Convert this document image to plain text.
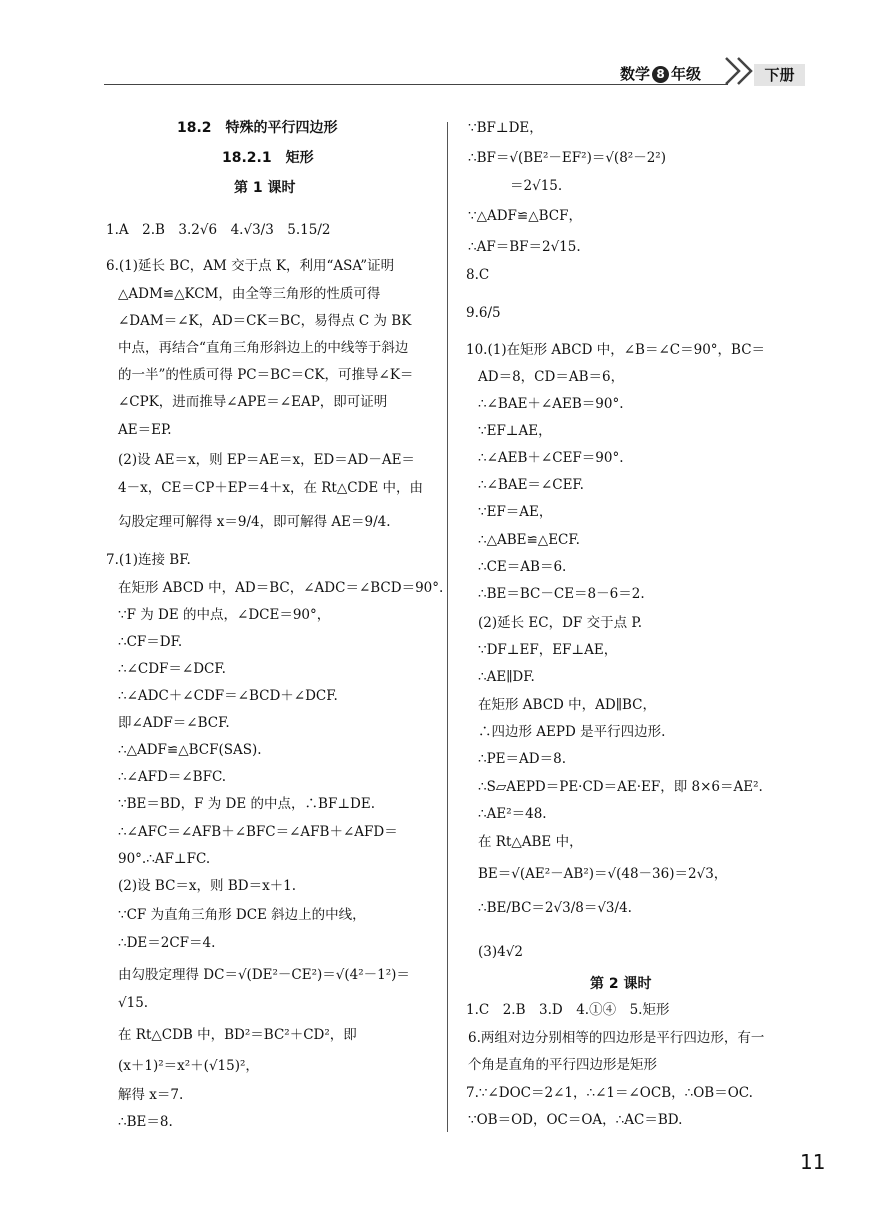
数学 8 年级	下册
18.2　特殊的平行四边形
18.2.1　矩形
第 1 课时
1.A　2.B　3.2√6　4.√3/3　5.15/2
6.(1)延长 BC，AM 交于点 K，利用“ASA”证明
△ADM≌△KCM，由全等三角形的性质可得
∠DAM＝∠K，AD＝CK＝BC，易得点 C 为 BK
中点，再结合“直角三角形斜边上的中线等于斜边
的一半”的性质可得 PC＝BC＝CK，可推导∠K＝
∠CPK，进而推导∠APE＝∠EAP，即可证明
AE＝EP.
(2)设 AE＝x，则 EP＝AE＝x，ED＝AD－AE＝
4－x，CE＝CP＋EP＝4＋x，在 Rt△CDE 中，由
勾股定理可解得 x＝9/4，即可解得 AE＝9/4.
7.(1)连接 BF.
在矩形 ABCD 中，AD＝BC，∠ADC＝∠BCD＝90°.
∵F 为 DE 的中点，∠DCE＝90°，
∴CF＝DF.
∴∠CDF＝∠DCF.
∴∠ADC＋∠CDF＝∠BCD＋∠DCF.
即∠ADF＝∠BCF.
∴△ADF≌△BCF(SAS).
∴∠AFD＝∠BFC.
∵BE＝BD，F 为 DE 的中点，∴BF⊥DE.
∴∠AFC＝∠AFB＋∠BFC＝∠AFB＋∠AFD＝
90°.∴AF⊥FC.
(2)设 BC＝x，则 BD＝x＋1.
∵CF 为直角三角形 DCE 斜边上的中线，
∴DE＝2CF＝4.
由勾股定理得 DC＝√(DE²－CE²)＝√(4²－1²)＝
√15.
在 Rt△CDB 中，BD²＝BC²＋CD²，即
(x＋1)²＝x²＋(√15)²，
解得 x＝7.
∴BE＝8.
∵BF⊥DE，
∴BF＝√(BE²－EF²)＝√(8²－2²)
＝2√15.
∵△ADF≌△BCF，
∴AF＝BF＝2√15.
8.C
9.6/5
10.(1)在矩形 ABCD 中，∠B＝∠C＝90°，BC＝
AD＝8，CD＝AB＝6，
∴∠BAE＋∠AEB＝90°.
∵EF⊥AE，
∴∠AEB＋∠CEF＝90°.
∴∠BAE＝∠CEF.
∵EF＝AE，
∴△ABE≌△ECF.
∴CE＝AB＝6.
∴BE＝BC－CE＝8－6＝2.
(2)延长 EC，DF 交于点 P.
∵DF⊥EF，EF⊥AE，
∴AE∥DF.
在矩形 ABCD 中，AD∥BC，
∴四边形 AEPD 是平行四边形.
∴PE＝AD＝8.
∴S▱AEPD＝PE·CD＝AE·EF，即 8×6＝AE².
∴AE²＝48.
在 Rt△ABE 中，
BE＝√(AE²－AB²)＝√(48－36)＝2√3，
∴BE/BC＝2√3/8＝√3/4.
(3)4√2
第 2 课时
1.C　2.B　3.D　4.①④　5.矩形
6.两组对边分别相等的四边形是平行四边形，有一
个角是直角的平行四边形是矩形
7.∵∠DOC＝2∠1，∴∠1＝∠OCB，∴OB＝OC.
∵OB＝OD，OC＝OA，∴AC＝BD.
11
